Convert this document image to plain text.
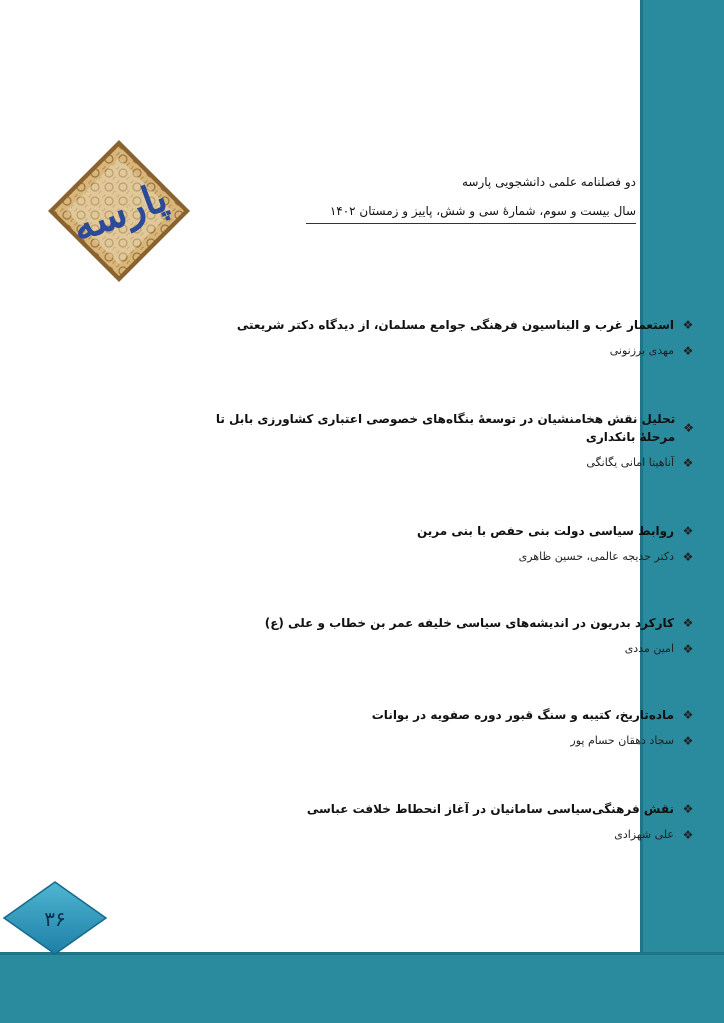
پارسه	دو فصلنامه علمی دانشجویی پارسه
سال بیست و سوم، شمارهٔ سی و شش، پاییز و زمستان ۱۴۰۲
❖
استعمار غرب و الیناسیون فرهنگی جوامع مسلمان، از دیدگاه دکتر شریعتی
❖
مهدی برزنونی
❖
تحلیل نقش هخامنشیان در توسعهٔ بنگاه‌های خصوصی اعتباری کشاورزی بابل تا مرحلهٔ بانکداری
❖
آناهیتا امانی یگانگی
❖
روابط سیاسی دولت بنی حفص با بنی مرین
❖
دکتر حدیجه عالمی، حسین ظاهری
❖
کارکرد بدریون در اندیشه‌های سیاسی خلیفه عمر بن خطاب و علی (ع)
❖
امین مددی
❖
ماده‌تاریخ، کتیبه و سنگ قبور دوره صفویه در بوانات
❖
سجاد دهقان حسام پور
❖
نقش فرهنگی‌سیاسی سامانیان در آغاز انحطاط خلافت عباسی
❖
علی شهزادی
۳۶
